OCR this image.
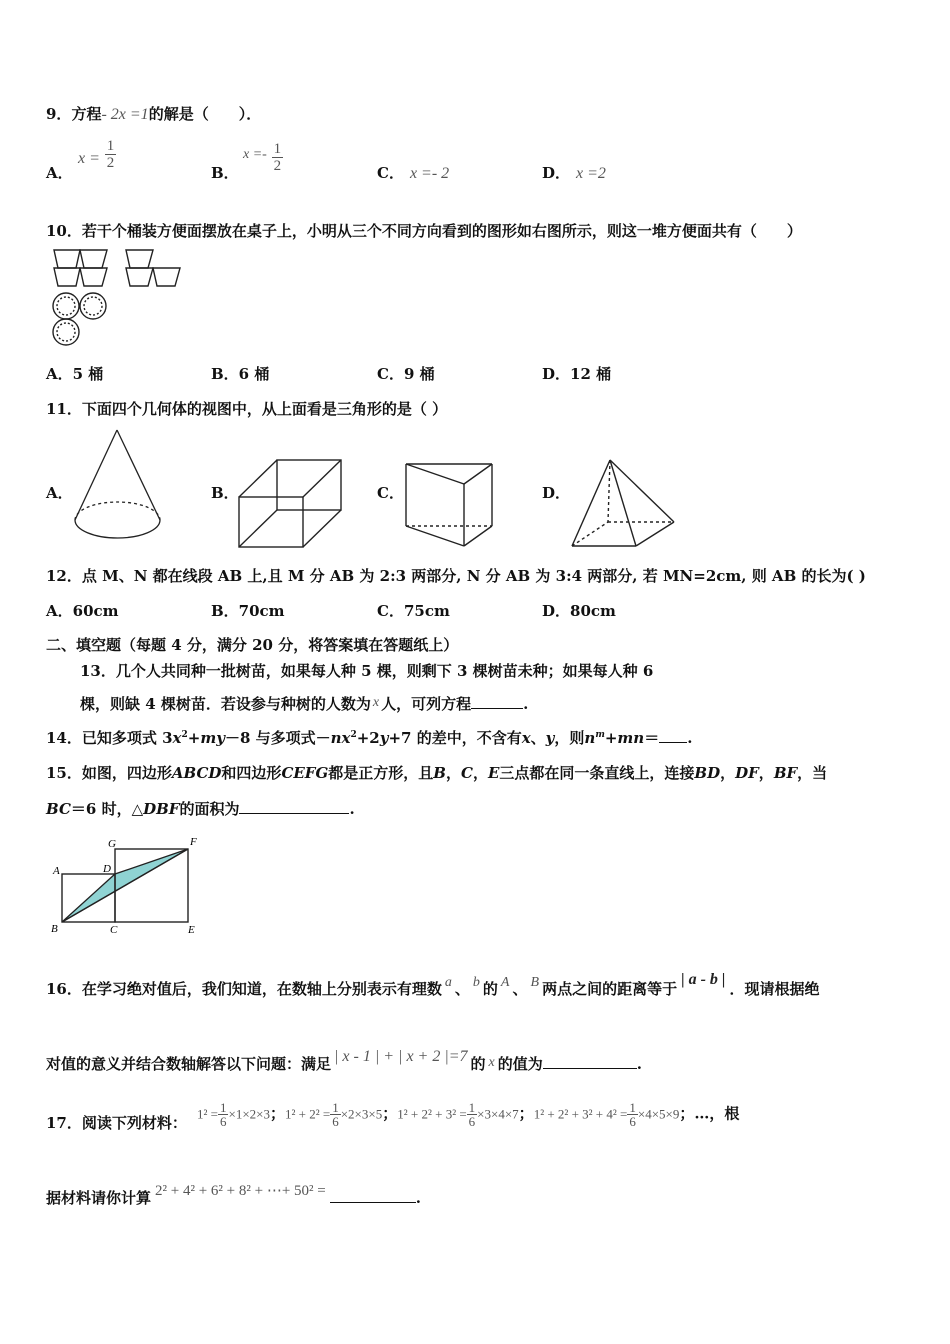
9．方程- 2x =1的解是（　　）．
A．
$x = \frac{1}{2}$
B．
$x =- \frac{1}{2}$	C． x =- 2	D． x =2
10．若干个桶装方便面摆放在桌子上，小明从三个不同方向看到的图形如右图所示，则这一堆方便面共有（　　）
A．5 桶	B．6 桶	C．9 桶	D．12 桶
11．下面四个几何体的视图中，从上面看是三角形的是（ ）
A．	B．	C．	D．
12．点 M、N 都在线段 AB 上,且 M 分 AB 为 2:3 两部分, N 分 AB 为 3:4 两部分, 若 MN=2cm, 则 AB 的长为( )
A．60cm	B．70cm	C．75cm	D．80cm
二、填空题（每题 4 分，满分 20 分，将答案填在答题纸上）
13．几个人共同种一批树苗，如果每人种 5 棵，则剩下 3 棵树苗未种；如果每人种 6
棵，则缺 4 棵树苗．若设参与种树的人数为 x 人，可列方程	.
14．已知多项式 $3x^2+my-8$ 与多项式$-nx^2+2y+7$ 的差中，不含有x、y，则$n^m+mn=$ .
15．如图，四边形ABCD和四边形CEFG都是正方形，且B，C，E三点都在同一条直线上，连接BD，DF，BF，当
BC＝6 时，△DBF的面积为	.
G	F
A	D
B	C	E
16．在学习绝对值后，我们知道，在数轴上分别表示有理数 a 、 b 的 A 、 B 两点之间的距离等于| a - b |．现请根据绝
对值的意义并结合数轴解答以下问题：满足 | x - 1 | + | x + 2 |=7 的 x 的值为	.
17．阅读下列材料： $1^2 = \frac{1}{6} \times 1\times 2\times 3$；$1^2 + 2^2 = \frac{1}{6} \times 2\times 3\times 5$；$1^2 + 2^2 + 3^2 = \frac{1}{6} \times 3\times 4\times 7$；$1^2 + 2^2 + 3^2 + 4^2 = \frac{1}{6} \times 4\times 5\times 9$；…，根
据材料请你计算 2² + 4² + 6² + 8² + ⋯+ 50² =	.
